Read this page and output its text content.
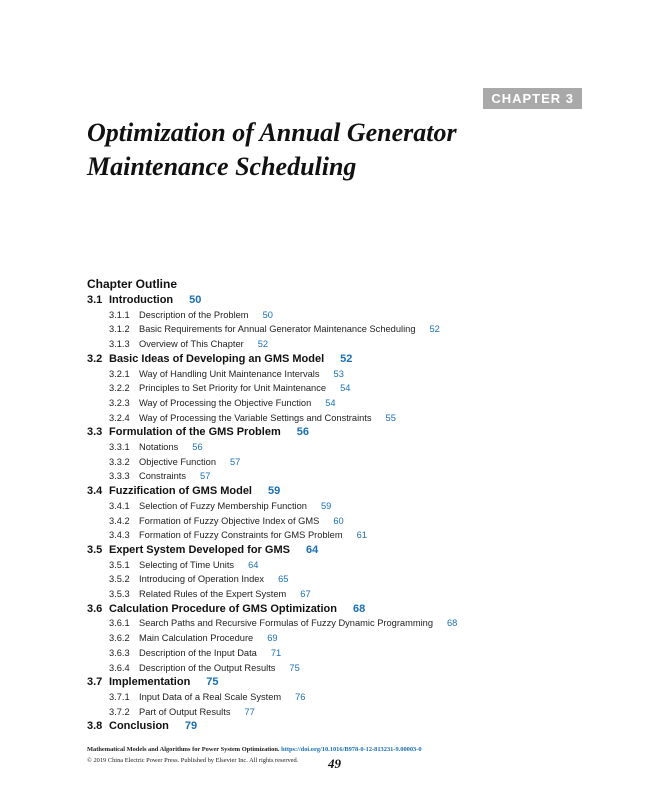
CHAPTER 3
Optimization of Annual Generator
Maintenance Scheduling
Chapter Outline
3.1 Introduction 50
3.1.1 Description of the Problem 50
3.1.2 Basic Requirements for Annual Generator Maintenance Scheduling 52
3.1.3 Overview of This Chapter 52
3.2 Basic Ideas of Developing an GMS Model 52
3.2.1 Way of Handling Unit Maintenance Intervals 53
3.2.2 Principles to Set Priority for Unit Maintenance 54
3.2.3 Way of Processing the Objective Function 54
3.2.4 Way of Processing the Variable Settings and Constraints 55
3.3 Formulation of the GMS Problem 56
3.3.1 Notations 56
3.3.2 Objective Function 57
3.3.3 Constraints 57
3.4 Fuzzification of GMS Model 59
3.4.1 Selection of Fuzzy Membership Function 59
3.4.2 Formation of Fuzzy Objective Index of GMS 60
3.4.3 Formation of Fuzzy Constraints for GMS Problem 61
3.5 Expert System Developed for GMS 64
3.5.1 Selecting of Time Units 64
3.5.2 Introducing of Operation Index 65
3.5.3 Related Rules of the Expert System 67
3.6 Calculation Procedure of GMS Optimization 68
3.6.1 Search Paths and Recursive Formulas of Fuzzy Dynamic Programming 68
3.6.2 Main Calculation Procedure 69
3.6.3 Description of the Input Data 71
3.6.4 Description of the Output Results 75
3.7 Implementation 75
3.7.1 Input Data of a Real Scale System 76
3.7.2 Part of Output Results 77
3.8 Conclusion 79
Mathematical Models and Algorithms for Power System Optimization. https://doi.org/10.1016/B978-0-12-813231-9.00003-0
© 2019 China Electric Power Press. Published by Elsevier Inc. All rights reserved.	49
